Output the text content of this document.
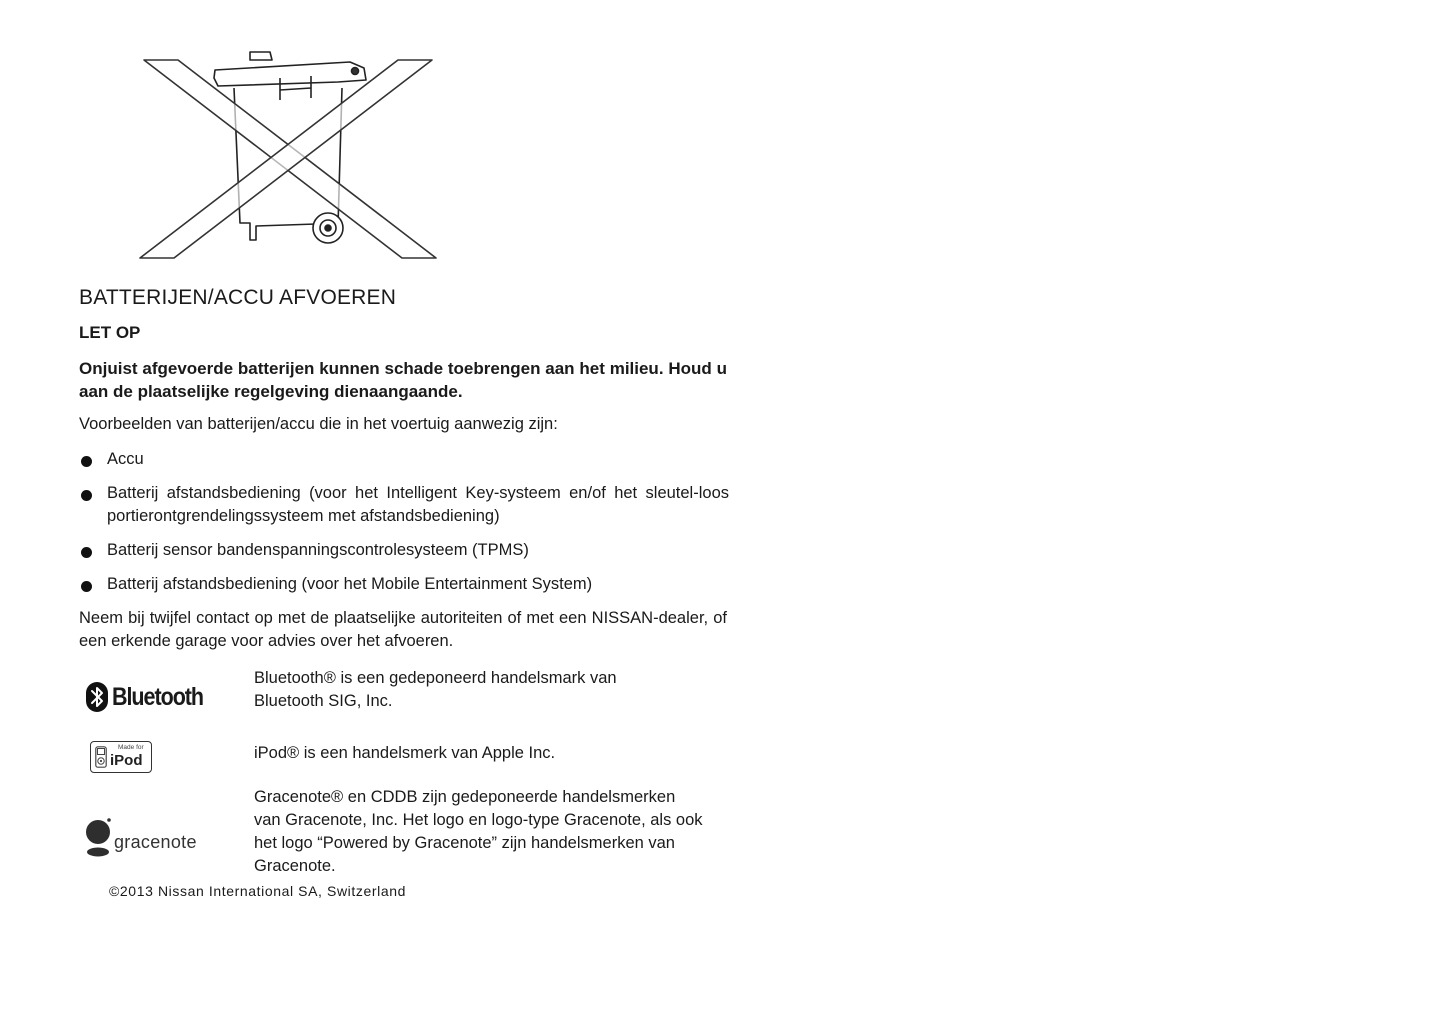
BATTERIJEN/ACCU AFVOEREN
LET OP

Onjuist afgevoerde batterijen kunnen schade toebrengen aan het milieu. Houd u aan de plaatselijke regelgeving dienaangaande.

Voorbeelden van batterijen/accu die in het voertuig aanwezig zijn:

Accu
Batterij afstandsbediening (voor het Intelligent Key-systeem en/of het sleutel-loos portierontgrendelingssysteem met afstandsbediening)
Batterij sensor bandenspanningscontrolesysteem (TPMS)
Batterij afstandsbediening (voor het Mobile Entertainment System)

Neem bij twijfel contact op met de plaatselijke autoriteiten of met een NISSAN-dealer, of een erkende garage voor advies over het afvoeren.

Bluetooth

Bluetooth® is een gedeponeerd handelsmark van Bluetooth SIG, Inc.

Made for
iPod	iPod® is een handelsmerk van Apple Inc.

gracenote

Gracenote® en CDDB zijn gedeponeerde handelsmerken van Gracenote, Inc. Het logo en logo-type Gracenote, als ook het logo “Powered by Gracenote” zijn handelsmerken van Gracenote.

©2013 Nissan International SA, Switzerland
